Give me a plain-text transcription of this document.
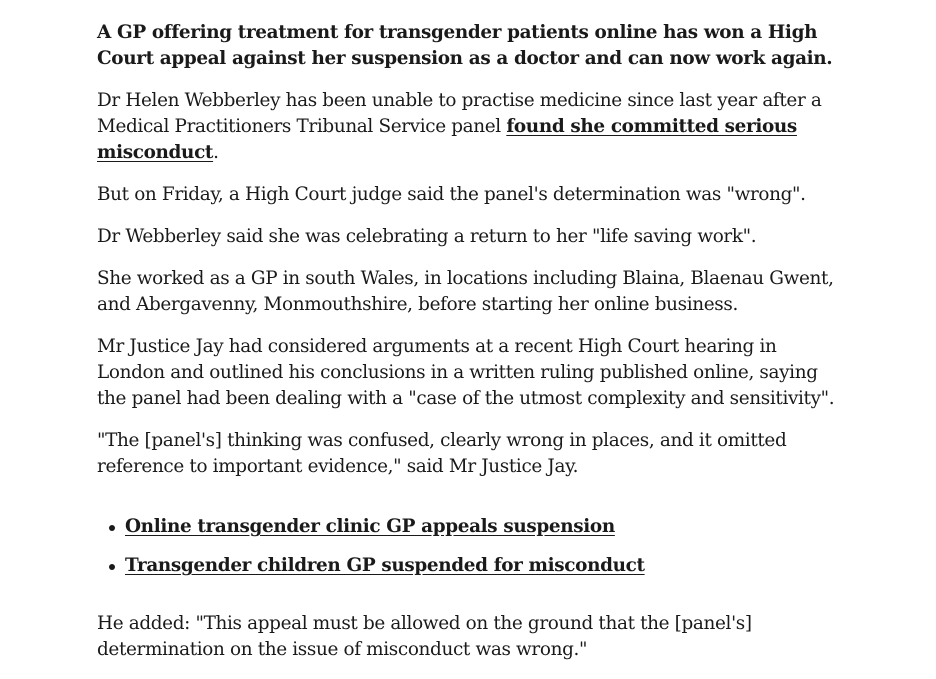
A GP offering treatment for transgender patients online has won a High Court appeal against her suspension as a doctor and can now work again.

Dr Helen Webberley has been unable to practise medicine since last year after a Medical Practitioners Tribunal Service panel found she committed serious misconduct.

But on Friday, a High Court judge said the panel's determination was "wrong".

Dr Webberley said she was celebrating a return to her "life saving work".

She worked as a GP in south Wales, in locations including Blaina, Blaenau Gwent, and Abergavenny, Monmouthshire, before starting her online business.

Mr Justice Jay had considered arguments at a recent High Court hearing in London and outlined his conclusions in a written ruling published online, saying the panel had been dealing with a "case of the utmost complexity and sensitivity".

"The [panel's] thinking was confused, clearly wrong in places, and it omitted reference to important evidence," said Mr Justice Jay.

Online transgender clinic GP appeals suspension
Transgender children GP suspended for misconduct

He added: "This appeal must be allowed on the ground that the [panel's] determination on the issue of misconduct was wrong."
